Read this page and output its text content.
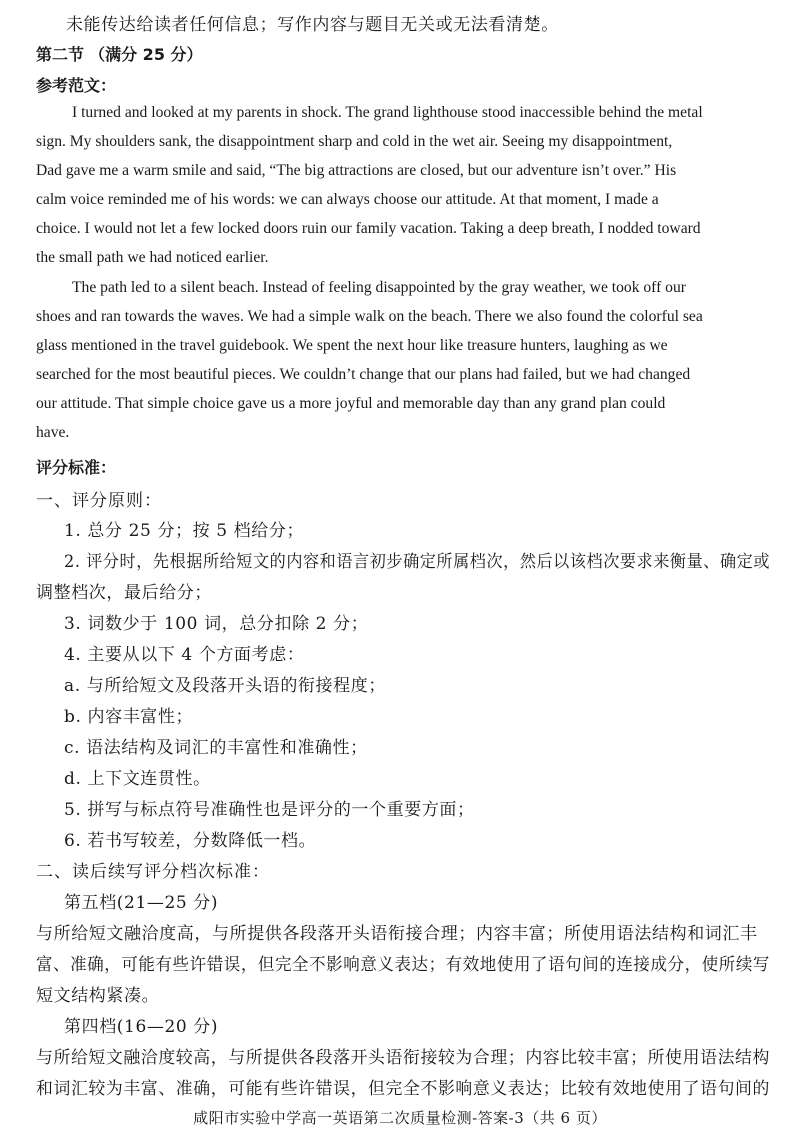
未能传达给读者任何信息；写作内容与题目无关或无法看清楚。
第二节 （满分 25 分）
参考范文：
I turned and looked at my parents in shock. The grand lighthouse stood inaccessible behind the metal
sign. My shoulders sank, the disappointment sharp and cold in the wet air. Seeing my disappointment,
Dad gave me a warm smile and said, “The big attractions are closed, but our adventure isn’t over.” His
calm voice reminded me of his words: we can always choose our attitude. At that moment, I made a
choice. I would not let a few locked doors ruin our family vacation. Taking a deep breath, I nodded toward
the small path we had noticed earlier.
The path led to a silent beach. Instead of feeling disappointed by the gray weather, we took off our
shoes and ran towards the waves. We had a simple walk on the beach. There we also found the colorful sea
glass mentioned in the travel guidebook. We spent the next hour like treasure hunters, laughing as we
searched for the most beautiful pieces. We couldn’t change that our plans had failed, but we had changed
our attitude. That simple choice gave us a more joyful and memorable day than any grand plan could
have.
评分标准：
一、评分原则：
1. 总分 25 分；按 5 档给分；
2. 评分时，先根据所给短文的内容和语言初步确定所属档次，然后以该档次要求来衡量、确定或
调整档次，最后给分；
3. 词数少于 100 词，总分扣除 2 分；
4. 主要从以下 4 个方面考虑：
a. 与所给短文及段落开头语的衔接程度；
b. 内容丰富性；
c. 语法结构及词汇的丰富性和准确性；
d. 上下文连贯性。
5. 拼写与标点符号准确性也是评分的一个重要方面；
6. 若书写较差，分数降低一档。
二、读后续写评分档次标准：
第五档(21—25 分)
与所给短文融洽度高，与所提供各段落开头语衔接合理；内容丰富；所使用语法结构和词汇丰
富、准确，可能有些许错误，但完全不影响意义表达；有效地使用了语句间的连接成分，使所续写
短文结构紧凑。
第四档(16—20 分)
与所给短文融洽度较高，与所提供各段落开头语衔接较为合理；内容比较丰富；所使用语法结构
和词汇较为丰富、准确，可能有些许错误，但完全不影响意义表达；比较有效地使用了语句间的
咸阳市实验中学高一英语第二次质量检测-答案-3（共 6 页）
